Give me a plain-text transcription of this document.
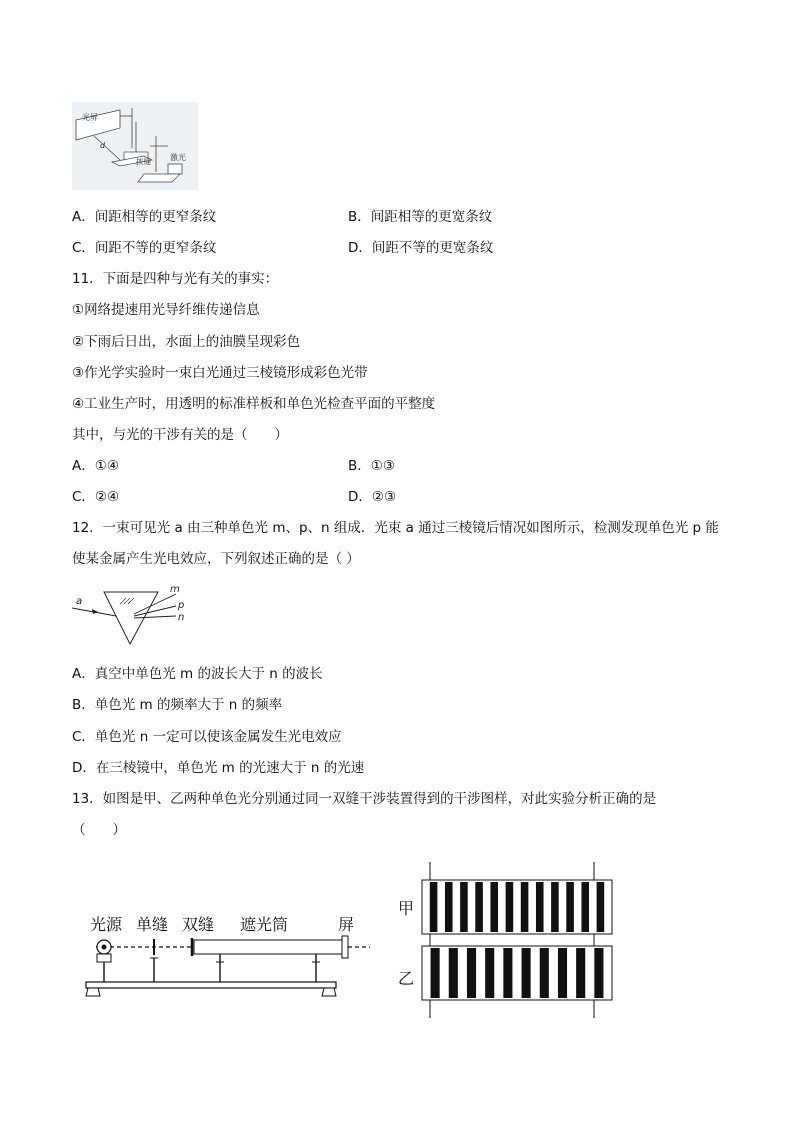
光屏
d
挟缝 激光
A．间距相等的更窄条纹	B．间距相等的更宽条纹
C．间距不等的更窄条纹	D．间距不等的更宽条纹
11．下面是四种与光有关的事实：
①网络提速用光导纤维传递信息
②下雨后日出，水面上的油膜呈现彩色
③作光学实验时一束白光通过三棱镜形成彩色光带
④工业生产时，用透明的标准样板和单色光检查平面的平整度
其中，与光的干涉有关的是（　　）
A．①④	B．①③
C．②④	D．②③
12．一束可见光 a 由三种单色光 m、p、n 组成．光束 a 通过三棱镜后情况如图所示，检测发现单色光 p 能
使某金属产生光电效应，下列叙述正确的是（ ）
a
m
p
n
A．真空中单色光 m 的波长大于 n 的波长
B．单色光 m 的频率大于 n 的频率
C．单色光 n 一定可以使该金属发生光电效应
D．在三棱镜中，单色光 m 的光速大于 n 的光速
13．如图是甲、乙两种单色光分别通过同一双缝干涉装置得到的干涉图样，对此实验分析正确的是
（　　）
光源 单缝 双缝 遮光筒	屏
甲
乙
